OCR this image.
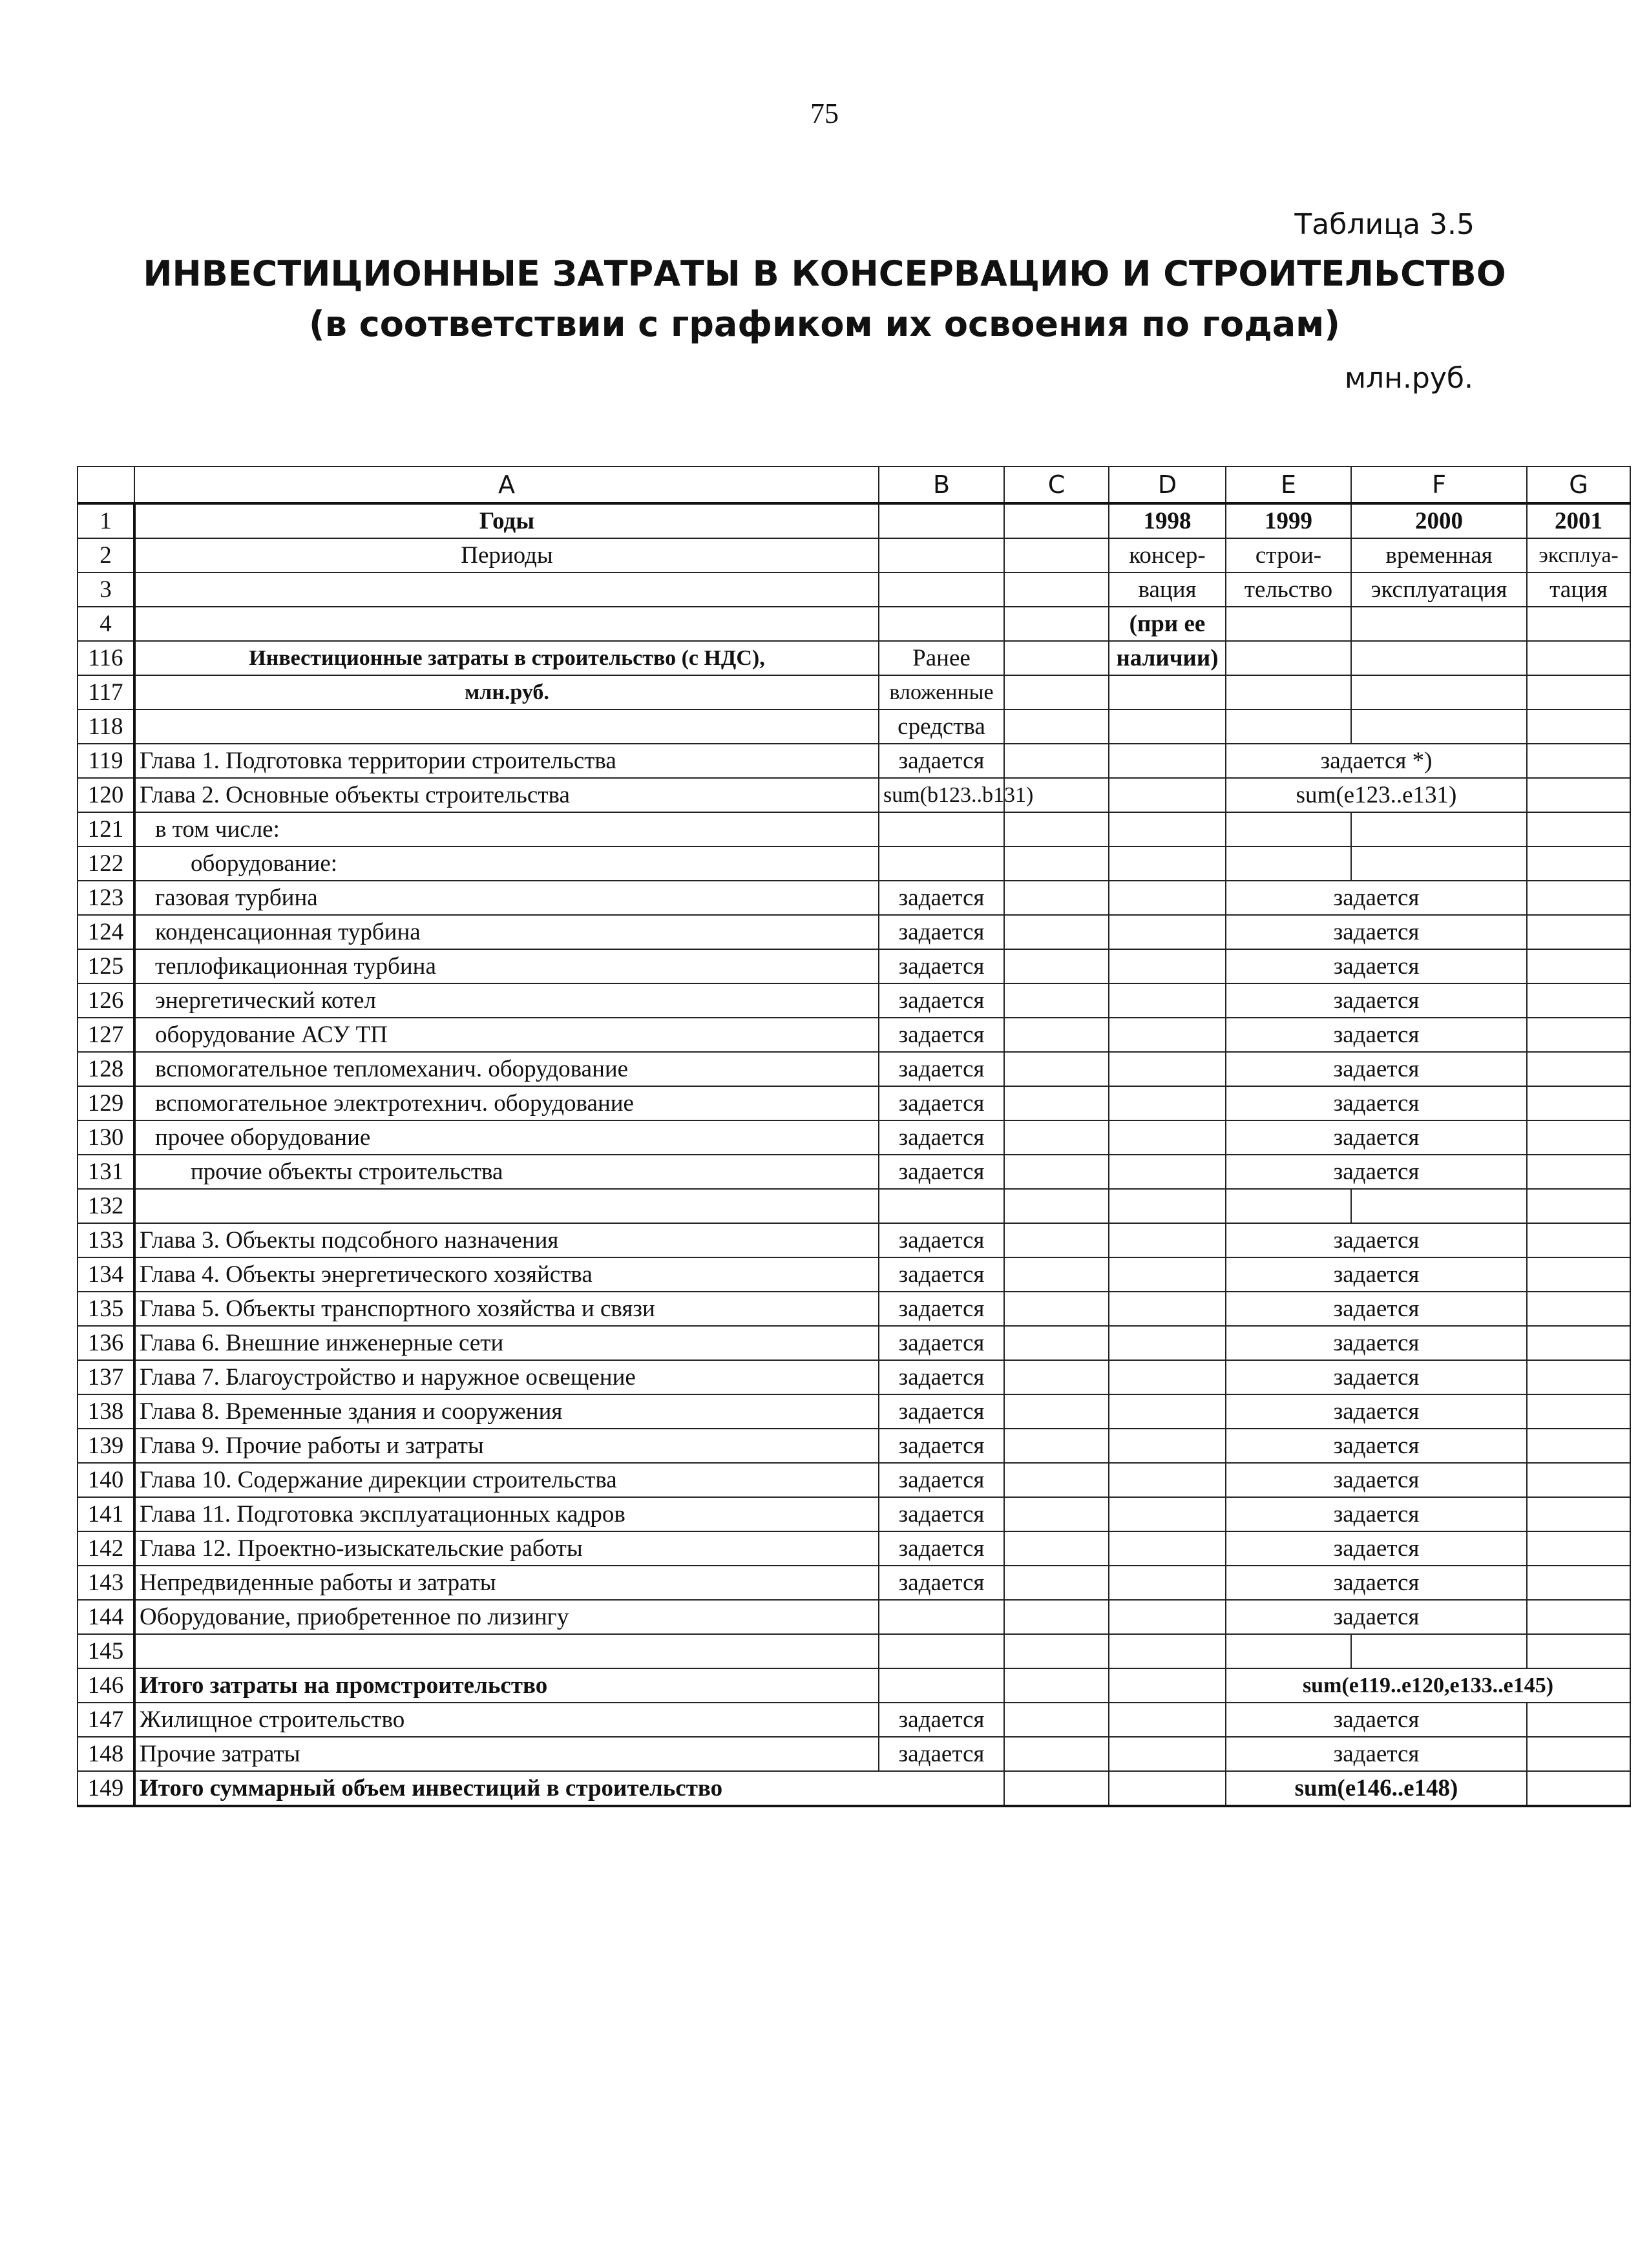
75
Таблица 3.5
ИНВЕСТИЦИОННЫЕ ЗАТРАТЫ В КОНСЕРВАЦИЮ И СТРОИТЕЛЬСТВО
(в соответствии с графиком их освоения по годам)
млн.руб.
	A	B	C	D	E	F	G
1	Годы			1998	1999	2000	2001
2	Периоды			консер-	строи-	временная	эксплуа-
3				вация	тельство	эксплуатация	тация
4				(при ее			
116	Инвестиционные затраты в строительство (с НДС),	Ранее		наличии)			
117	млн.руб.	вложенные					
118		средства					
119	Глава 1. Подготовка территории строительства	задается			задается *)		
120	Глава 2. Основные объекты строительства	sum(b123..b131)			sum(e123..e131)		
121	в том числе:						
122	оборудование:						
123	газовая турбина	задается			задается		
124	конденсационная турбина	задается			задается		
125	теплофикационная турбина	задается			задается		
126	энергетический котел	задается			задается		
127	оборудование АСУ ТП	задается			задается		
128	вспомогательное тепломеханич. оборудование	задается			задается		
129	вспомогательное электротехнич. оборудование	задается			задается		
130	прочее оборудование	задается			задается		
131	прочие объекты строительства	задается			задается		
132							
133	Глава 3. Объекты подсобного назначения	задается			задается		
134	Глава 4. Объекты энергетического хозяйства	задается			задается		
135	Глава 5. Объекты транспортного хозяйства и связи	задается			задается		
136	Глава 6. Внешние инженерные сети	задается			задается		
137	Глава 7. Благоустройство и наружное освещение	задается			задается		
138	Глава 8. Временные здания и сооружения	задается			задается		
139	Глава 9. Прочие работы и затраты	задается			задается		
140	Глава 10. Содержание дирекции строительства	задается			задается		
141	Глава 11. Подготовка эксплуатационных кадров	задается			задается		
142	Глава 12. Проектно-изыскательские работы	задается			задается		
143	Непредвиденные работы и затраты	задается			задается		
144	Оборудование, приобретенное по лизингу				задается		
145							
146	Итого затраты на промстроительство				sum(e119..e120,e133..e145)		
147	Жилищное строительство	задается			задается		
148	Прочие затраты	задается			задается		
149	Итого суммарный объем инвестиций в строительство				sum(e146..e148)		
